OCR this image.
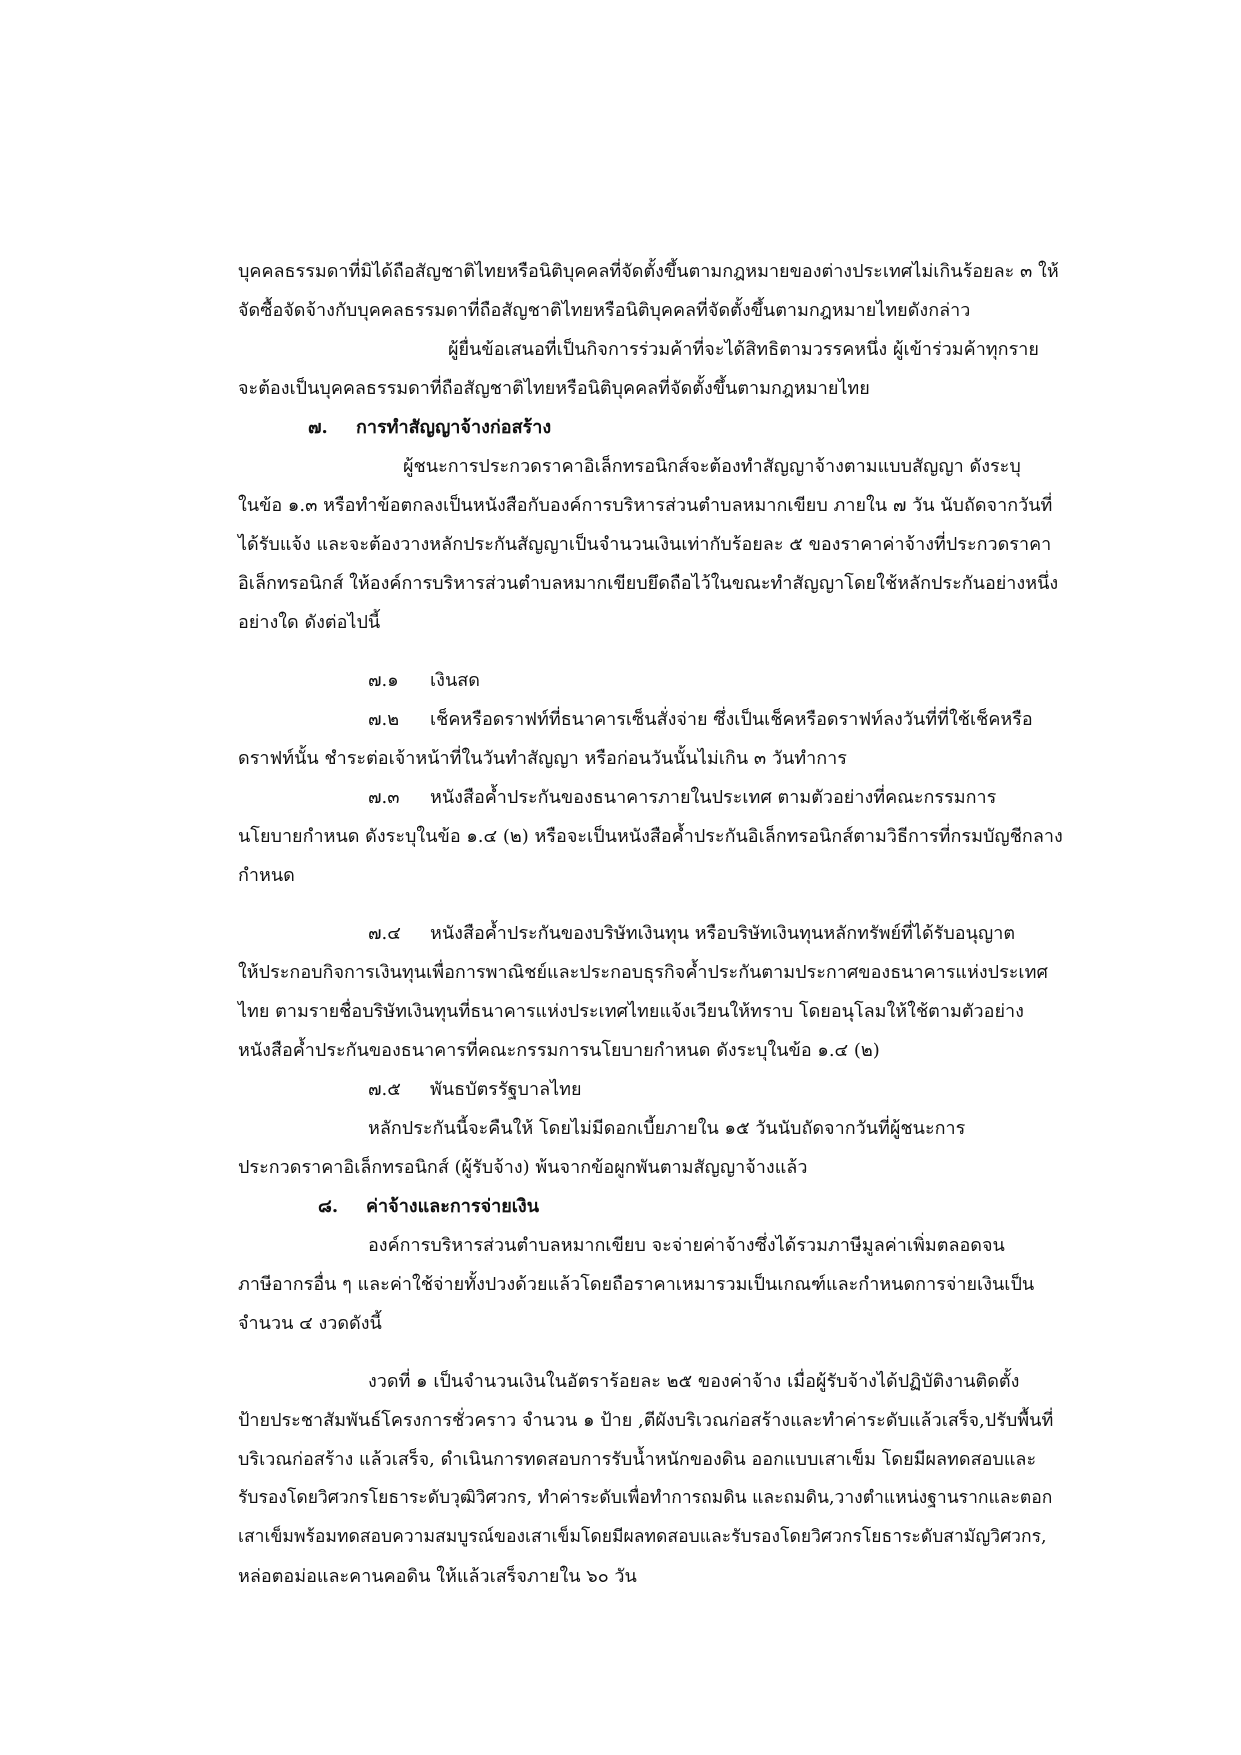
บุคคลธรรมดาที่มิได้ถือสัญชาติไทยหรือนิติบุคคลที่จัดตั้งขึ้นตามกฎหมายของต่างประเทศไม่เกินร้อยละ ๓ ให้
จัดซื้อจัดจ้างกับบุคคลธรรมดาที่ถือสัญชาติไทยหรือนิติบุคคลที่จัดตั้งขึ้นตามกฎหมายไทยดังกล่าว
ผู้ยื่นข้อเสนอที่เป็นกิจการร่วมค้าที่จะได้สิทธิตามวรรคหนึ่ง ผู้เข้าร่วมค้าทุกราย
จะต้องเป็นบุคคลธรรมดาที่ถือสัญชาติไทยหรือนิติบุคคลที่จัดตั้งขึ้นตามกฎหมายไทย
๗. การทำสัญญาจ้างก่อสร้าง
ผู้ชนะการประกวดราคาอิเล็กทรอนิกส์จะต้องทำสัญญาจ้างตามแบบสัญญา ดังระบุ
ในข้อ ๑.๓ หรือทำข้อตกลงเป็นหนังสือกับองค์การบริหารส่วนตำบลหมากเขียบ ภายใน ๗ วัน นับถัดจากวันที่
ได้รับแจ้ง และจะต้องวางหลักประกันสัญญาเป็นจำนวนเงินเท่ากับร้อยละ ๕ ของราคาค่าจ้างที่ประกวดราคา
อิเล็กทรอนิกส์ ให้องค์การบริหารส่วนตำบลหมากเขียบยึดถือไว้ในขณะทำสัญญาโดยใช้หลักประกันอย่างหนึ่ง
อย่างใด ดังต่อไปนี้
๗.๑ เงินสด
๗.๒ เช็คหรือดราฟท์ที่ธนาคารเซ็นสั่งจ่าย ซึ่งเป็นเช็คหรือดราฟท์ลงวันที่ที่ใช้เช็คหรือ
ดราฟท์นั้น ชำระต่อเจ้าหน้าที่ในวันทำสัญญา หรือก่อนวันนั้นไม่เกิน ๓ วันทำการ
๗.๓ หนังสือค้ำประกันของธนาคารภายในประเทศ ตามตัวอย่างที่คณะกรรมการ
นโยบายกำหนด ดังระบุในข้อ ๑.๔ (๒) หรือจะเป็นหนังสือค้ำประกันอิเล็กทรอนิกส์ตามวิธีการที่กรมบัญชีกลาง
กำหนด
๗.๔ หนังสือค้ำประกันของบริษัทเงินทุน หรือบริษัทเงินทุนหลักทรัพย์ที่ได้รับอนุญาต
ให้ประกอบกิจการเงินทุนเพื่อการพาณิชย์และประกอบธุรกิจค้ำประกันตามประกาศของธนาคารแห่งประเทศ
ไทย ตามรายชื่อบริษัทเงินทุนที่ธนาคารแห่งประเทศไทยแจ้งเวียนให้ทราบ โดยอนุโลมให้ใช้ตามตัวอย่าง
หนังสือค้ำประกันของธนาคารที่คณะกรรมการนโยบายกำหนด ดังระบุในข้อ ๑.๔ (๒)
๗.๕ พันธบัตรรัฐบาลไทย
หลักประกันนี้จะคืนให้ โดยไม่มีดอกเบี้ยภายใน ๑๕ วันนับถัดจากวันที่ผู้ชนะการ
ประกวดราคาอิเล็กทรอนิกส์ (ผู้รับจ้าง) พ้นจากข้อผูกพันตามสัญญาจ้างแล้ว
๘. ค่าจ้างและการจ่ายเงิน
องค์การบริหารส่วนตำบลหมากเขียบ จะจ่ายค่าจ้างซึ่งได้รวมภาษีมูลค่าเพิ่มตลอดจน
ภาษีอากรอื่น ๆ และค่าใช้จ่ายทั้งปวงด้วยแล้วโดยถือราคาเหมารวมเป็นเกณฑ์และกำหนดการจ่ายเงินเป็น
จำนวน ๔ งวดดังนี้
งวดที่ ๑ เป็นจำนวนเงินในอัตราร้อยละ ๒๕ ของค่าจ้าง เมื่อผู้รับจ้างได้ปฏิบัติงานติดตั้ง
ป้ายประชาสัมพันธ์โครงการชั่วคราว จำนวน ๑ ป้าย ,ตีผังบริเวณก่อสร้างและทำค่าระดับแล้วเสร็จ,ปรับพื้นที่
บริเวณก่อสร้าง แล้วเสร็จ, ดำเนินการทดสอบการรับน้ำหนักของดิน ออกแบบเสาเข็ม โดยมีผลทดสอบและ
รับรองโดยวิศวกรโยธาระดับวุฒิวิศวกร, ทำค่าระดับเพื่อทำการถมดิน และถมดิน,วางตำแหน่งฐานรากและตอก
เสาเข็มพร้อมทดสอบความสมบูรณ์ของเสาเข็มโดยมีผลทดสอบและรับรองโดยวิศวกรโยธาระดับสามัญวิศวกร,
หล่อตอม่อและคานคอดิน ให้แล้วเสร็จภายใน ๖๐ วัน
